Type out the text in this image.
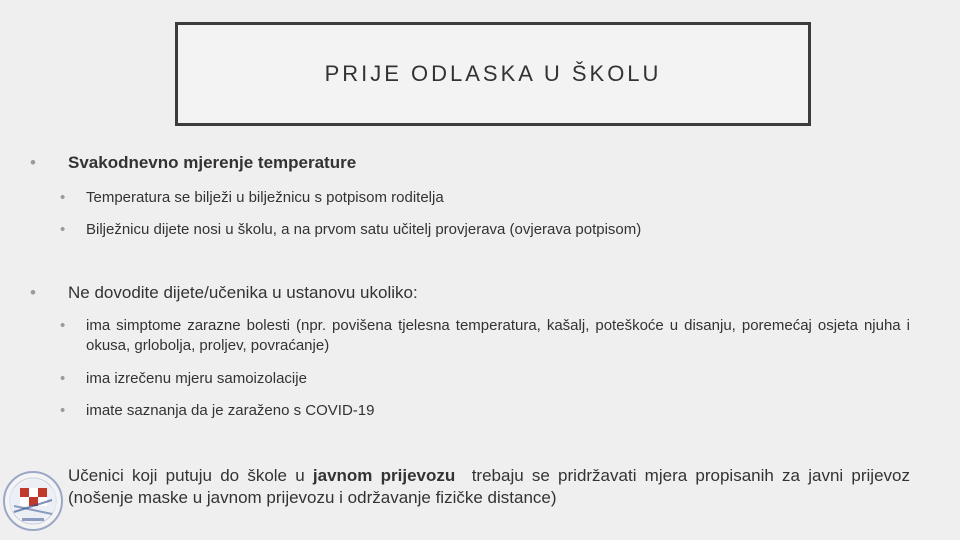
PRIJE ODLASKA U ŠKOLU
•	Svakodnevno mjerenje temperature
•	Temperatura se bilježi u bilježnicu s potpisom roditelja
•	Bilježnicu dijete nosi u školu, a na prvom satu učitelj provjerava (ovjerava potpisom)
•	Ne dovodite dijete/učenika u ustanovu ukoliko:
•	ima simptome zarazne bolesti (npr. povišena tjelesna temperatura, kašalj, poteškoće u disanju, poremećaj osjeta njuha i okusa, grlobolja, proljev, povraćanje)
•	ima izrečenu mjeru samoizolacije
•	imate saznanja da je zaraženo s COVID-19
Učenici koji putuju do škole u javnom prijevozu  trebaju se pridržavati mjera propisanih za javni prijevoz (nošenje maske u javnom prijevozu i održavanje fizičke distance)
